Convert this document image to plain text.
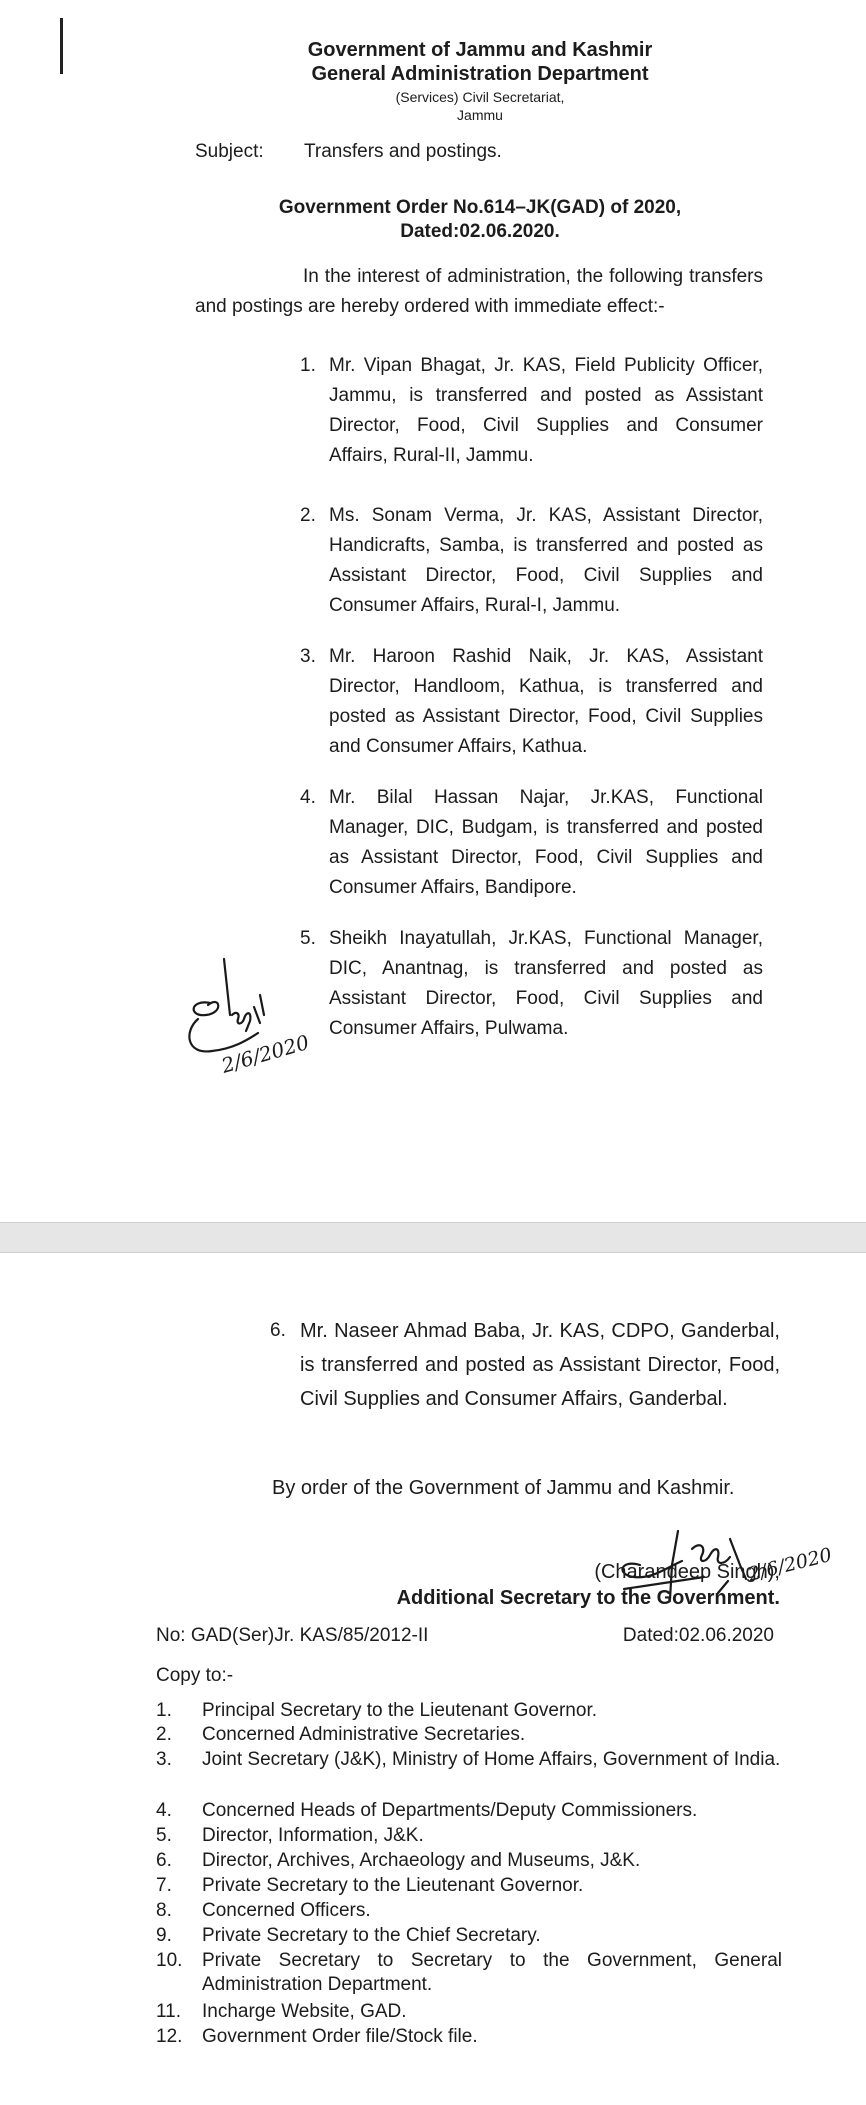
Government of Jammu and Kashmir
General Administration Department
(Services) Civil Secretariat,
Jammu
Subject: Transfers and postings.
Government Order No.614–JK(GAD) of 2020,
Dated:02.06.2020.
In the interest of administration, the following transfers and postings are hereby ordered with immediate effect:-
1. Mr. Vipan Bhagat, Jr. KAS, Field Publicity Officer, Jammu, is transferred and posted as Assistant Director, Food, Civil Supplies and Consumer Affairs, Rural-II, Jammu.
2. Ms. Sonam Verma, Jr. KAS, Assistant Director, Handicrafts, Samba, is transferred and posted as Assistant Director, Food, Civil Supplies and Consumer Affairs, Rural-I, Jammu.
3. Mr. Haroon Rashid Naik, Jr. KAS, Assistant Director, Handloom, Kathua, is transferred and posted as Assistant Director, Food, Civil Supplies and Consumer Affairs, Kathua.
4. Mr. Bilal Hassan Najar, Jr.KAS, Functional Manager, DIC, Budgam, is transferred and posted as Assistant Director, Food, Civil Supplies and Consumer Affairs, Bandipore.
5. Sheikh Inayatullah, Jr.KAS, Functional Manager, DIC, Anantnag, is transferred and posted as Assistant Director, Food, Civil Supplies and Consumer Affairs, Pulwama.
2/6/2020
6. Mr. Naseer Ahmad Baba, Jr. KAS, CDPO, Ganderbal, is transferred and posted as Assistant Director, Food, Civil Supplies and Consumer Affairs, Ganderbal.
By order of the Government of Jammu and Kashmir.
2/6/2020
(Charandeep Singh),
Additional Secretary to the Government.
No: GAD(Ser)Jr. KAS/85/2012-II	Dated:02.06.2020
Copy to:-
1.	Principal Secretary to the Lieutenant Governor.
2.	Concerned Administrative Secretaries.
3.	Joint Secretary (J&K), Ministry of Home Affairs, Government of India.
4.	Concerned Heads of Departments/Deputy Commissioners.
5.	Director, Information, J&K.
6.	Director, Archives, Archaeology and Museums, J&K.
7.	Private Secretary to the Lieutenant Governor.
8.	Concerned Officers.
9.	Private Secretary to the Chief Secretary.
10.	Private Secretary to Secretary to the Government, General Administration Department.
11.	Incharge Website, GAD.
12.	Government Order file/Stock file.
